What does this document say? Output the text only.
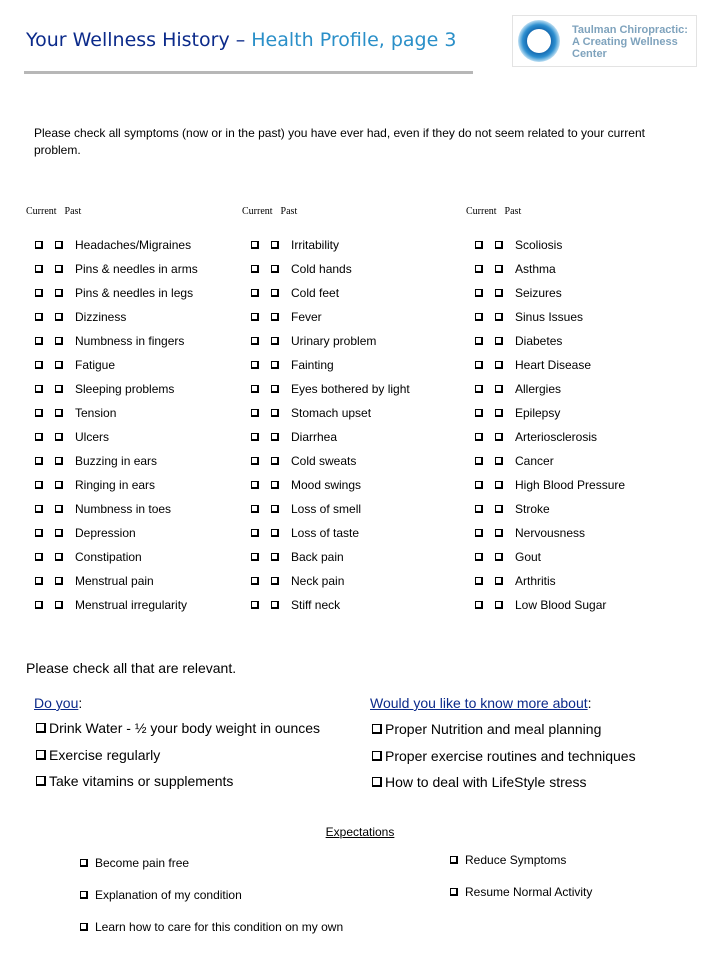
Your Wellness History – Health Profile, page 3	Taulman Chiropractic:
A Creating Wellness
Center
Please check all symptoms (now or in the past) you have ever had, even if they do not seem related to your current problem.
Current Past	Current Past	Current Past
Headaches/Migraines
Pins & needles in arms
Pins & needles in legs
Dizziness
Numbness in fingers
Fatigue
Sleeping problems
Tension
Ulcers
Buzzing in ears
Ringing in ears
Numbness in toes
Depression
Constipation
Menstrual pain
Menstrual irregularity
Irritability
Cold hands
Cold feet
Fever
Urinary problem
Fainting
Eyes bothered by light
Stomach upset
Diarrhea
Cold sweats
Mood swings
Loss of smell
Loss of taste
Back pain
Neck pain
Stiff neck
Scoliosis
Asthma
Seizures
Sinus Issues
Diabetes
Heart Disease
Allergies
Epilepsy
Arteriosclerosis
Cancer
High Blood Pressure
Stroke
Nervousness
Gout
Arthritis
Low Blood Sugar
Please check all that are relevant.
Do you:
Drink Water - ½ your body weight in ounces
Exercise regularly
Take vitamins or supplements
Would you like to know more about:
Proper Nutrition and meal planning
Proper exercise routines and techniques
How to deal with LifeStyle stress
Expectations
Become pain free
Explanation of my condition
Learn how to care for this condition on my own
Reduce Symptoms
Resume Normal Activity
